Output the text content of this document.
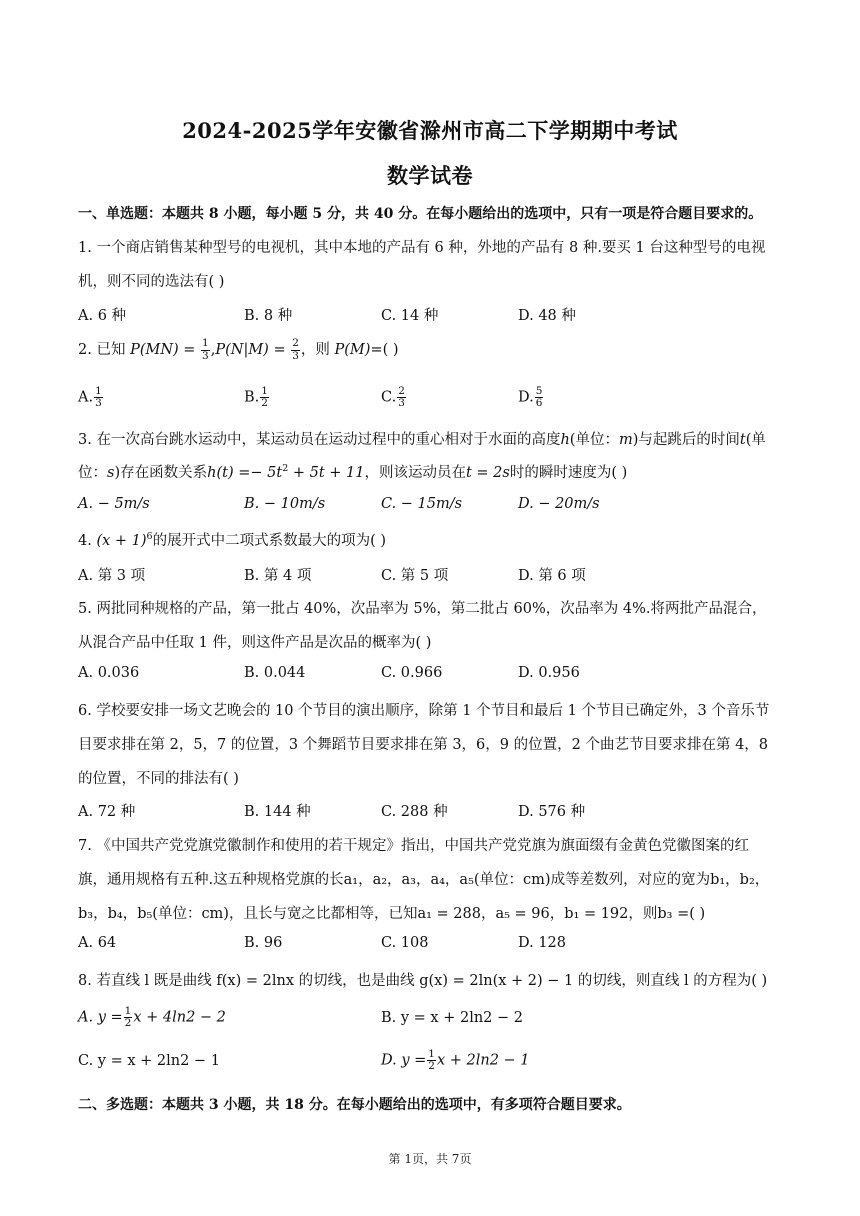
2024-2025学年安徽省滁州市高二下学期期中考试
数学试卷
一、单选题：本题共 8 小题，每小题 5 分，共 40 分。在每小题给出的选项中，只有一项是符合题目要求的。
1. 一个商店销售某种型号的电视机，其中本地的产品有 6 种，外地的产品有 8 种.要买 1 台这种型号的电视
机，则不同的选法有( )
A. 6 种	B. 8 种	C. 14 种	D. 48 种
2. 已知 $P(MN) = \frac{1}{3} ,P(N|M) = \frac{2}{3}$ ，则 P(M)=( )
A. $\frac{1}{3}$	B. $\frac{1}{2}$	C. $\frac{2}{3}$	D. $\frac{5}{6}$
3. 在一次高台跳水运动中，某运动员在运动过程中的重心相对于水面的高度h(单位：m)与起跳后的时间t(单
位：s)存在函数关系$h(t) =- 5t^2 + 5t + 11$，则该运动员在t = 2s时的瞬时速度为( )
A. − 5m/s	B. − 10m/s	C. − 15m/s	D. − 20m/s
4. $(x + 1)^6$的展开式中二项式系数最大的项为( )
A. 第 3 项	B. 第 4 项	C. 第 5 项	D. 第 6 项
5. 两批同种规格的产品，第一批占 40%，次品率为 5%，第二批占 60%，次品率为 4%.将两批产品混合，
从混合产品中任取 1 件，则这件产品是次品的概率为( )
A. 0.036	B. 0.044	C. 0.966	D. 0.956
6. 学校要安排一场文艺晚会的 10 个节目的演出顺序，除第 1 个节目和最后 1 个节目已确定外，3 个音乐节
目要求排在第 2，5，7 的位置，3 个舞蹈节目要求排在第 3，6，9 的位置，2 个曲艺节目要求排在第 4，8
的位置，不同的排法有( )
A. 72 种	B. 144 种	C. 288 种	D. 576 种
7. 《中国共产党党旗党徽制作和使用的若干规定》指出，中国共产党党旗为旗面缀有金黄色党徽图案的红
旗，通用规格有五种.这五种规格党旗的长a₁，a₂，a₃，a₄，a₅(单位：cm)成等差数列，对应的宽为b₁，b₂，
b₃，b₄，b₅(单位：cm)，且长与宽之比都相等，已知a₁ = 288，a₅ = 96，b₁ = 192，则b₃ =( )
A. 64	B. 96	C. 108	D. 128
8. 若直线 l 既是曲线 f(x) = 2lnx 的切线，也是曲线 g(x) = 2ln(x + 2) − 1 的切线，则直线 l 的方程为( )
A. $y = \frac{1}{2}$ x + 4ln2 − 2	B. y = x + 2ln2 − 2
C. y = x + 2ln2 − 1	D. $y = \frac{1}{2}$ x + 2ln2 − 1
二、多选题：本题共 3 小题，共 18 分。在每小题给出的选项中，有多项符合题目要求。
第 1页，共 7页
